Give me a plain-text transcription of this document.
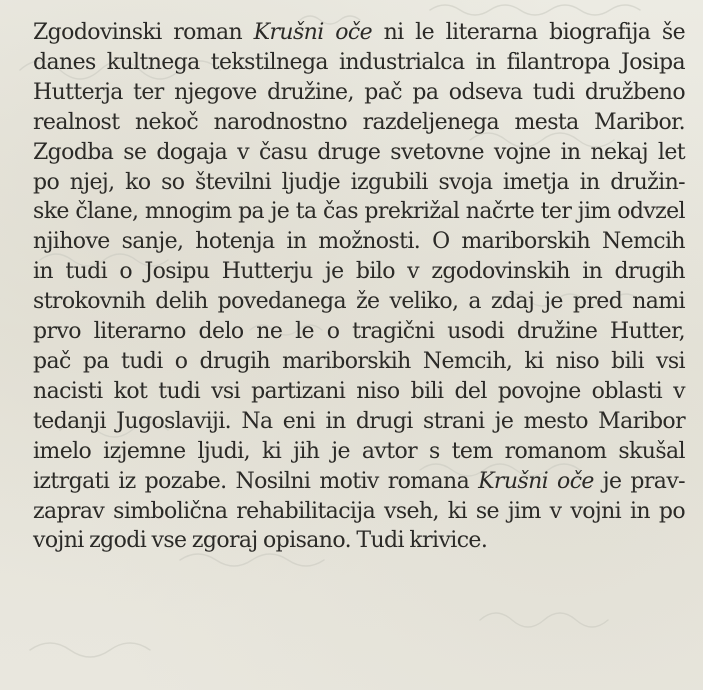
Zgodovinski roman Krušni oče ni le literarna biografija še
danes kultnega tekstilnega industrialca in filantropa Josipa
Hutterja ter njegove družine, pač pa odseva tudi družbeno
realnost nekoč narodnostno razdeljenega mesta Maribor.
Zgodba se dogaja v času druge svetovne vojne in nekaj let
po njej, ko so številni ljudje izgubili svoja imetja in družin-
ske člane, mnogim pa je ta čas prekrižal načrte ter jim odvzel
njihove sanje, hotenja in možnosti. O mariborskih Nemcih
in tudi o Josipu Hutterju je bilo v zgodovinskih in drugih
strokovnih delih povedanega že veliko, a zdaj je pred nami
prvo literarno delo ne le o tragični usodi družine Hutter,
pač pa tudi o drugih mariborskih Nemcih, ki niso bili vsi
nacisti kot tudi vsi partizani niso bili del povojne oblasti v
tedanji Jugoslaviji. Na eni in drugi strani je mesto Maribor
imelo izjemne ljudi, ki jih je avtor s tem romanom skušal
iztrgati iz pozabe. Nosilni motiv romana Krušni oče je prav-
zaprav simbolična rehabilitacija vseh, ki se jim v vojni in po
vojni zgodi vse zgoraj opisano. Tudi krivice.
